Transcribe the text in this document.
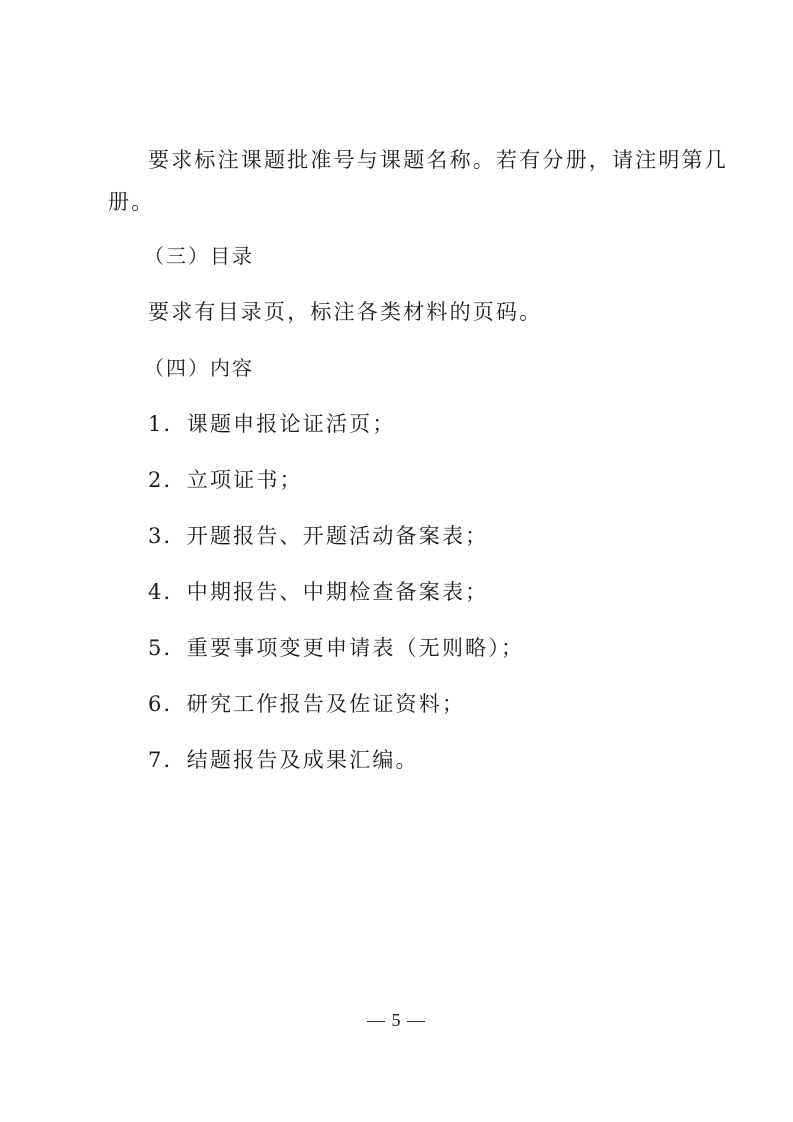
要求标注课题批准号与课题名称。若有分册，请注明第几
册。
（三）目录
要求有目录页，标注各类材料的页码。
（四）内容
1．课题申报论证活页；
2．立项证书；
3．开题报告、开题活动备案表；
4．中期报告、中期检查备案表；
5．重要事项变更申请表（无则略）；
6．研究工作报告及佐证资料；
7．结题报告及成果汇编。
— 5 —
